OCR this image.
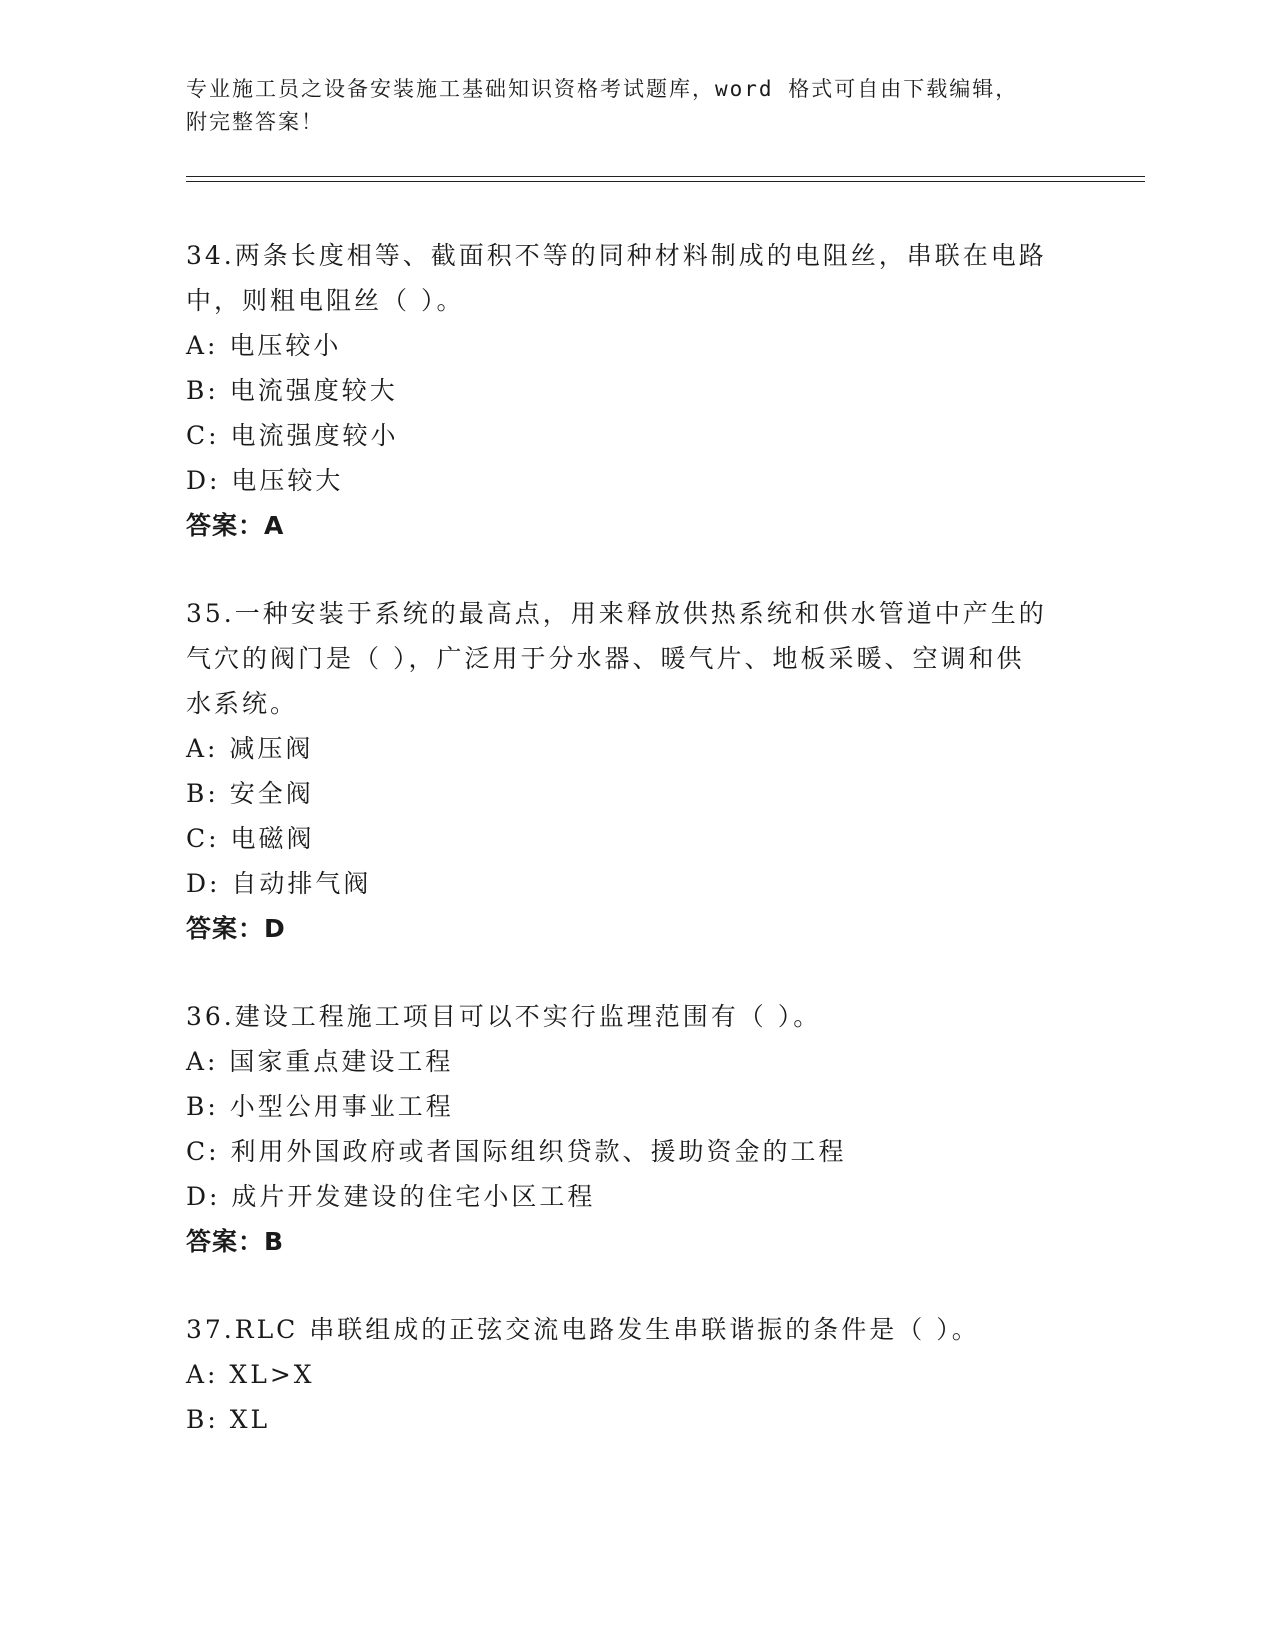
专业施工员之设备安装施工基础知识资格考试题库，word 格式可自由下载编辑，
附完整答案！
34.两条长度相等、截面积不等的同种材料制成的电阻丝，串联在电路
中，则粗电阻丝（ ）。
A: 电压较小
B: 电流强度较大
C: 电流强度较小
D: 电压较大
答案：A
35.一种安装于系统的最高点，用来释放供热系统和供水管道中产生的
气穴的阀门是（ ），广泛用于分水器、暖气片、地板采暖、空调和供
水系统。
A: 减压阀
B: 安全阀
C: 电磁阀
D: 自动排气阀
答案：D
36.建设工程施工项目可以不实行监理范围有（ ）。
A: 国家重点建设工程
B: 小型公用事业工程
C: 利用外国政府或者国际组织贷款、援助资金的工程
D: 成片开发建设的住宅小区工程
答案：B
37.RLC 串联组成的正弦交流电路发生串联谐振的条件是（ ）。
A: XL>X
B: XL
